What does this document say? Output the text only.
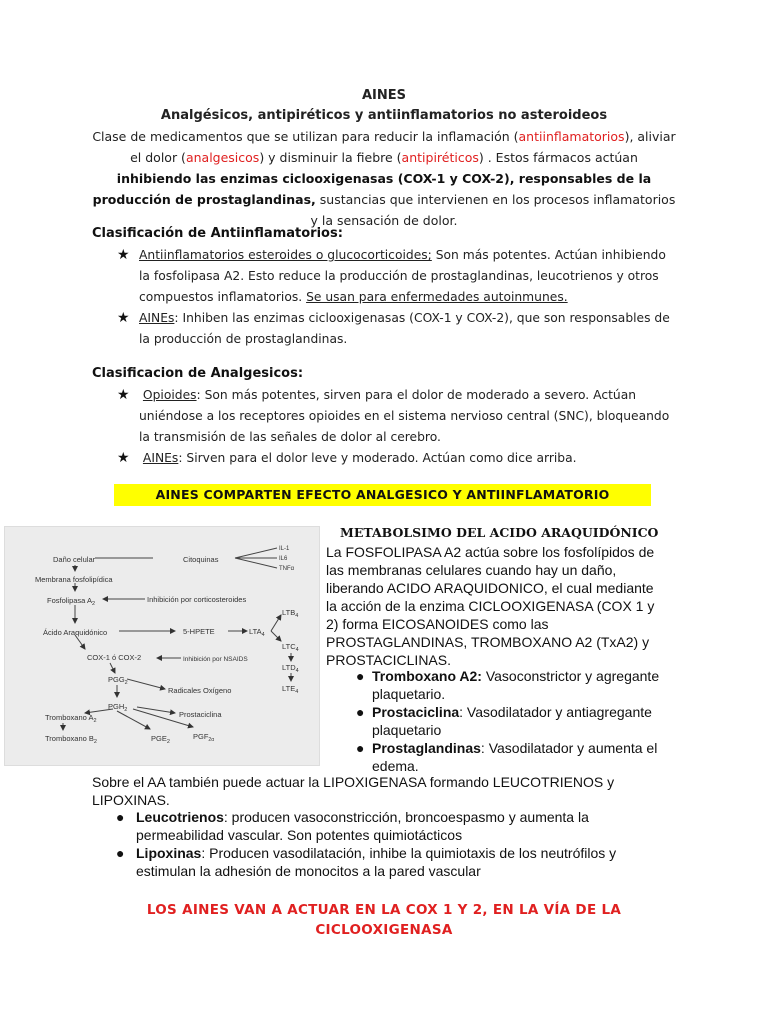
AINES
Analgésicos, antipiréticos y antiinflamatorios no asteroideos
Clase de medicamentos que se utilizan para reducir la inflamación (antiinflamatorios), aliviar el dolor (analgesicos) y disminuir la fiebre (antipiréticos) . Estos fármacos actúan inhibiendo las enzimas ciclooxigenasas (COX-1 y COX-2), responsables de la producción de prostaglandinas, sustancias que intervienen en los procesos inflamatorios y la sensación de dolor.
Clasificación de Antiinflamatorios:
★ Antiinflamatorios esteroides o glucocorticoides; Son más potentes. Actúan inhibiendo la fosfolipasa A2. Esto reduce la producción de prostaglandinas, leucotrienos y otros compuestos inflamatorios. Se usan para enfermedades autoinmunes.
★ AINEs: Inhiben las enzimas ciclooxigenasas (COX-1 y COX-2), que son responsables de la producción de prostaglandinas.
Clasificacion de Analgesicos:
★ Opioides: Son más potentes, sirven para el dolor de moderado a severo. Actúan uniéndose a los receptores opioides en el sistema nervioso central (SNC), bloqueando la transmisión de las señales de dolor al cerebro.
★ AINEs: Sirven para el dolor leve y moderado. Actúan como dice arriba.
AINES COMPARTEN EFECTO ANALGESICO Y ANTIINFLAMATORIO
Daño celular
Membrana fosfolipídica
Fosfolipasa $A_2$
Ácido Araquidónico
COX-1 ó COX-2
$PGG_2$
$PGH_2$
Tromboxano $A_2$
Tromboxano $B_2$	$PGE_2$
$PGF_{2\alpha}$
Prostaciclina
Radicales Oxígeno
Citoquinas
IL-1
IL6
TNFα
Inhibición por corticosteroides
Inhibición por NSAIDS
5-HPETE	$LTA_4$
$LTB_4$
$LTC_4$
$LTD_4$
$LTE_4$
METABOLSIMO DEL ACIDO ARAQUIDÓNICO
La FOSFOLIPASA A2 actúa sobre los fosfolípidos de las membranas celulares cuando hay un daño, liberando ACIDO ARAQUIDONICO, el cual mediante la acción de la enzima CICLOOXIGENASA (COX 1 y 2) forma EICOSANOIDES como las PROSTAGLANDINAS, TROMBOXANO A2 (TxA2) y PROSTACICLINAS.
● Tromboxano A2: Vasoconstrictor y agregante plaquetario.
● Prostaciclina: Vasodilatador y antiagregante plaquetario
● Prostaglandinas: Vasodilatador y aumenta el edema.
Sobre el AA también puede actuar la LIPOXIGENASA formando LEUCOTRIENOS y LIPOXINAS.
● Leucotrienos: producen vasoconstricción, broncoespasmo y aumenta la permeabilidad vascular. Son potentes quimiotácticos
● Lipoxinas: Producen vasodilatación, inhibe la quimiotaxis de los neutrófilos y estimulan la adhesión de monocitos a la pared vascular
LOS AINES VAN A ACTUAR EN LA COX 1 Y 2, EN LA VÍA DE LA
CICLOOXIGENASA
